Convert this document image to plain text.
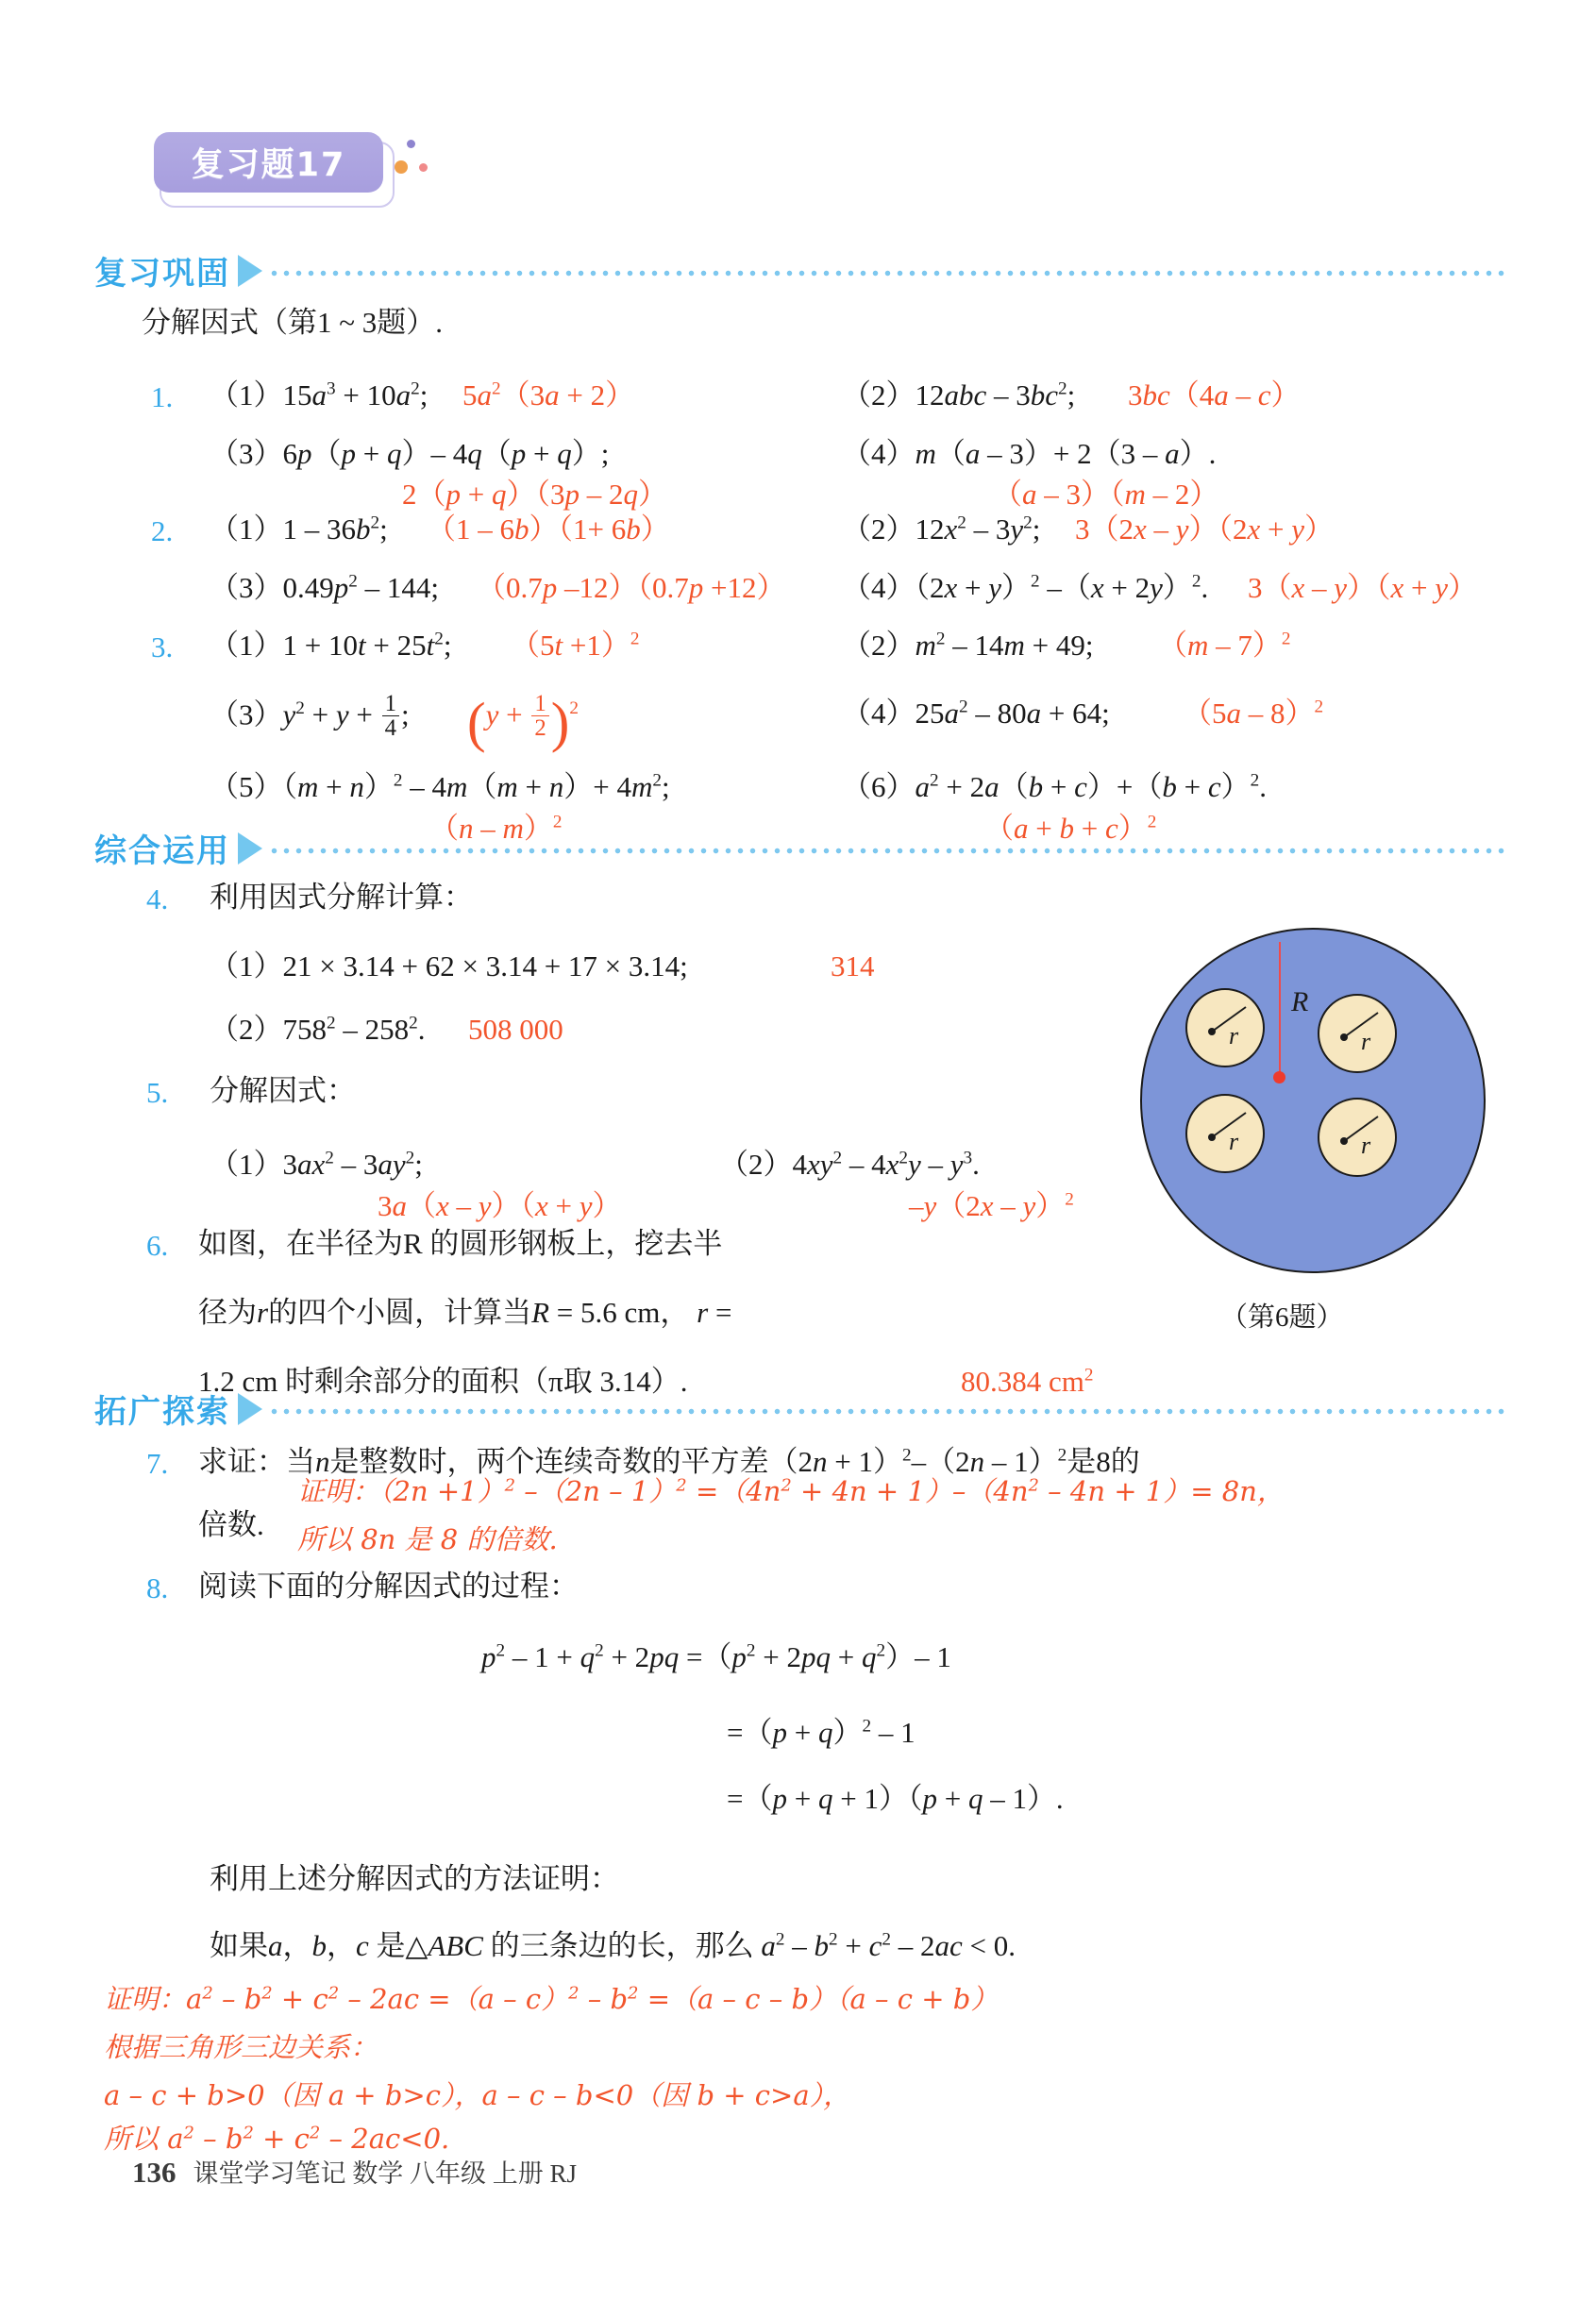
复习题17
复习巩固
分解因式（第1 ~ 3题）.
1. $(1)15a^3 + 10a^2$; $5a^2(3a + 2)$	$(2)12abc - 3bc^2$; 3bc（4a – c）
（3）6p（p + q）– 4q（p + q）;
2（p + q）（3p – 2q）
（4）m（a – 3）+ 2（3 – a）.
（a – 3）（m – 2）
2. $(1)1 - 36b^2$; （1 – 6b）（1+ 6b）	$(2)12x^2 - 3y^2$; 3（2x – y）（2x + y）
$(3)0.49p^2 - 144$; （0.7p –12）（0.7p +12） $(4)(2x + y)^2$ $-(x + 2y)^2$. 3（x – y）（x + y）
3. $(1)1 + 10t + 25t^2$; $(5t +1)^2$	$(2)m^2 - 14m + 49$; （m – 7）$^2$
$(3)y^2 + y + \frac{1}{4}$ ; $(y + \frac{1}{2} )^2$	$(4)25a^2 - 80a + 64$; （5a – 8）$^2$
$(5)(m + n)^2 - 4m(m + n)+ 4m^2$;
（n – m）$^2$
$(6)a^2 + 2a(b + c)+(b + c)^2$.
$(a + b + c)^2$
综合运用
4. 利用因式分解计算：
（1）21 × 3.14 + 62 × 3.14 + 17 × 3.14;	314
$(2)758^2 - 258^2$. 508 000
5. 分解因式：
$(1)3ax^2 - 3ay^2$;
3a（x – y）（x + y）
$(2)4xy^2 - 4x^2y - y^3$.
–y（2x – y）$^2$
6. 如图，在半径为R 的圆形钢板上，挖去半
径为r的四个小圆，计算当R = 5.6 cm， r =
1.2 cm 时剩余部分的面积（π取 3.14）.	80.384 $cm^2$
r	r
r	r
R
（第6题）
拓广探索
7. 求证：当n是整数时，两个连续奇数的平方差$(2n + 1)^2-(2n - 1)^2$是8的
倍数.
证明：$(2n +1)^2$ $-(2n - 1)^2 =(4n^2 + 4n + 1)-(4n^2 - 4n + 1)= 8n$，
所以 8n 是 8 的倍数.
8. 阅读下面的分解因式的过程：
$p^2 - 1 + q^2 + 2pq =(p^2 + 2pq + q^2)-$ 1
$=(p + q)^2 - 1$
=（p + q + 1）（p + q – 1）.
利用上述分解因式的方法证明：
如果a，b，c 是△ABC 的三条边的长，那么 $a^2 - b^2 + c^2 - 2ac < 0$.
证明：$a^2 - b^2 + c^2 - 2ac =(a - c)^2 - b^2 =(a - c - b)(a - c + b)$
根据三角形三边关系：
a – c + b>0（因 a + b>c），a – c – b<0（因 b + c>a），
所以 $a^2 - b^2 + c^2 - 2ac<0$.
136 课堂学习笔记 数学 八年级 上册 RJ
